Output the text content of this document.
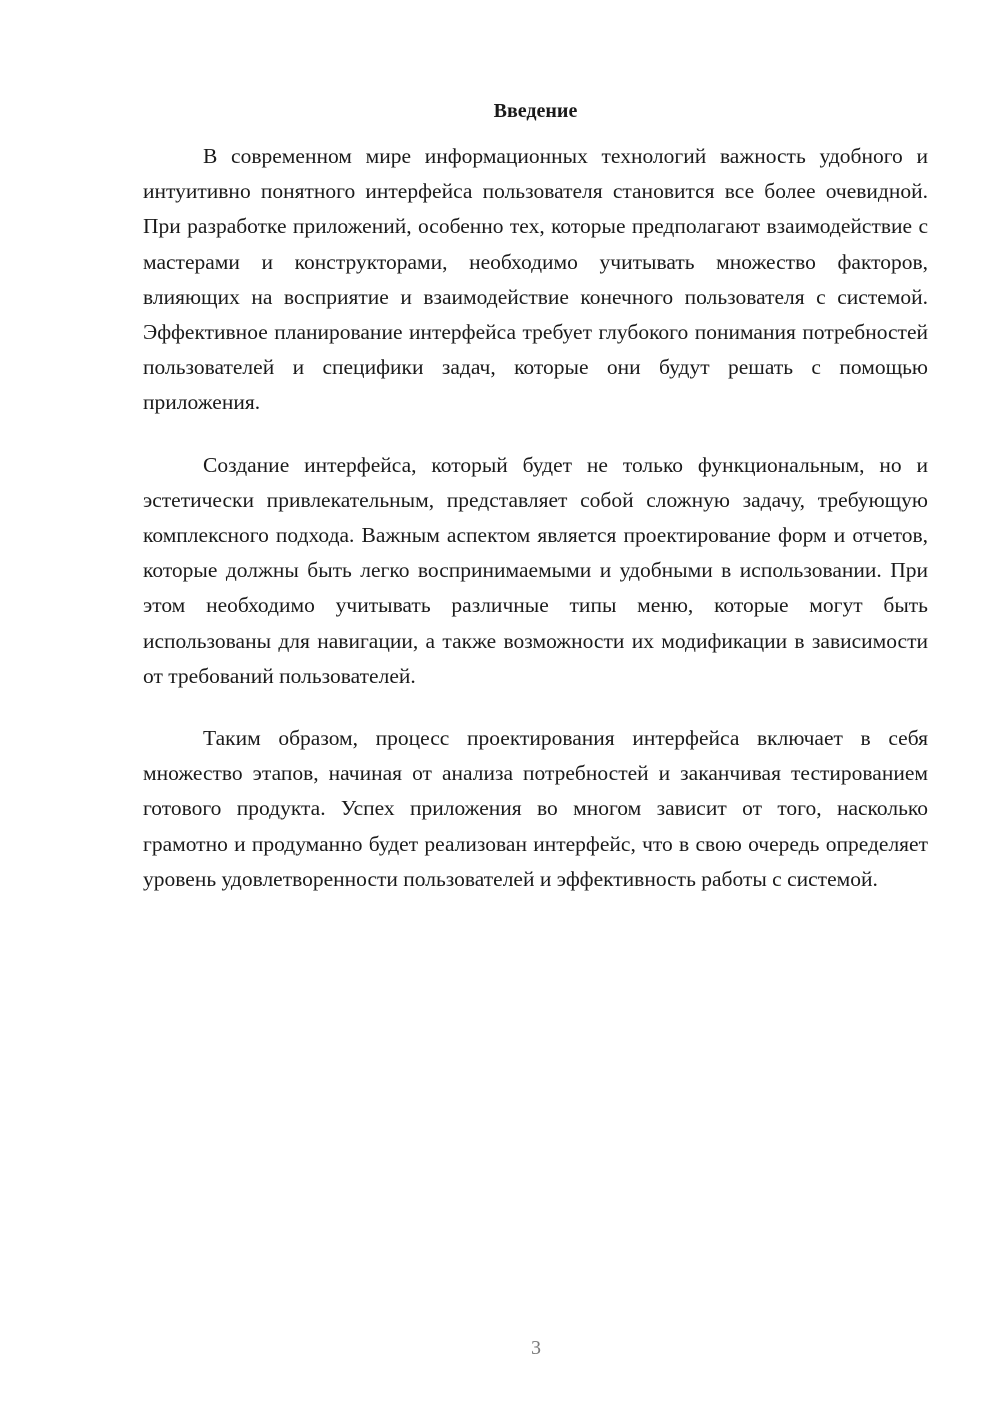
Введение

В современном мире информационных технологий важность удобного и интуитивно понятного интерфейса пользователя становится все более очевидной. При разработке приложений, особенно тех, которые предполагают взаимодействие с мастерами и конструкторами, необходимо учитывать множество факторов, влияющих на восприятие и взаимодействие конечного пользователя с системой. Эффективное планирование интерфейса требует глубокого понимания потребностей пользователей и специфики задач, которые они будут решать с помощью приложения.

Создание интерфейса, который будет не только функциональным, но и эстетически привлекательным, представляет собой сложную задачу, требующую комплексного подхода. Важным аспектом является проектирование форм и отчетов, которые должны быть легко воспринимаемыми и удобными в использовании. При этом необходимо учитывать различные типы меню, которые могут быть использованы для навигации, а также возможности их модификации в зависимости от требований пользователей.

Таким образом, процесс проектирования интерфейса включает в себя множество этапов, начиная от анализа потребностей и заканчивая тестированием готового продукта. Успех приложения во многом зависит от того, насколько грамотно и продуманно будет реализован интерфейс, что в свою очередь определяет уровень удовлетворенности пользователей и эффективность работы с системой.

3
